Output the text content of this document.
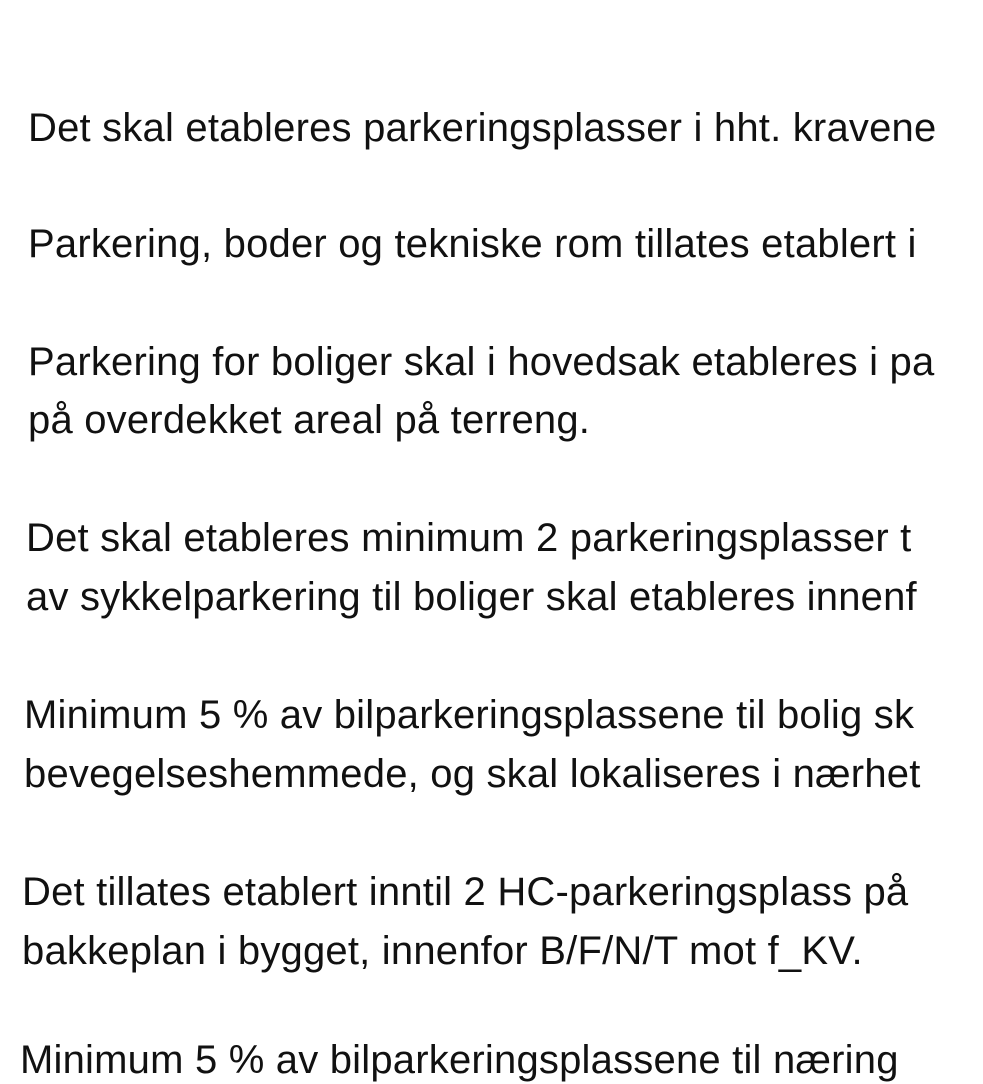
Det skal etableres parkeringsplasser i hht. kravene
Parkering, boder og tekniske rom tillates etablert i
Parkering for boliger skal i hovedsak etableres i pa
på overdekket areal på terreng.
Det skal etableres minimum 2 parkeringsplasser t
av sykkelparkering til boliger skal etableres innenf
Minimum 5 % av bilparkeringsplassene til bolig sk
bevegelseshemmede, og skal lokaliseres i nærhet
Det tillates etablert inntil 2 HC-parkeringsplass på
bakkeplan i bygget, innenfor B/F/N/T mot f_KV.
Minimum 5 % av bilparkeringsplassene til næring
